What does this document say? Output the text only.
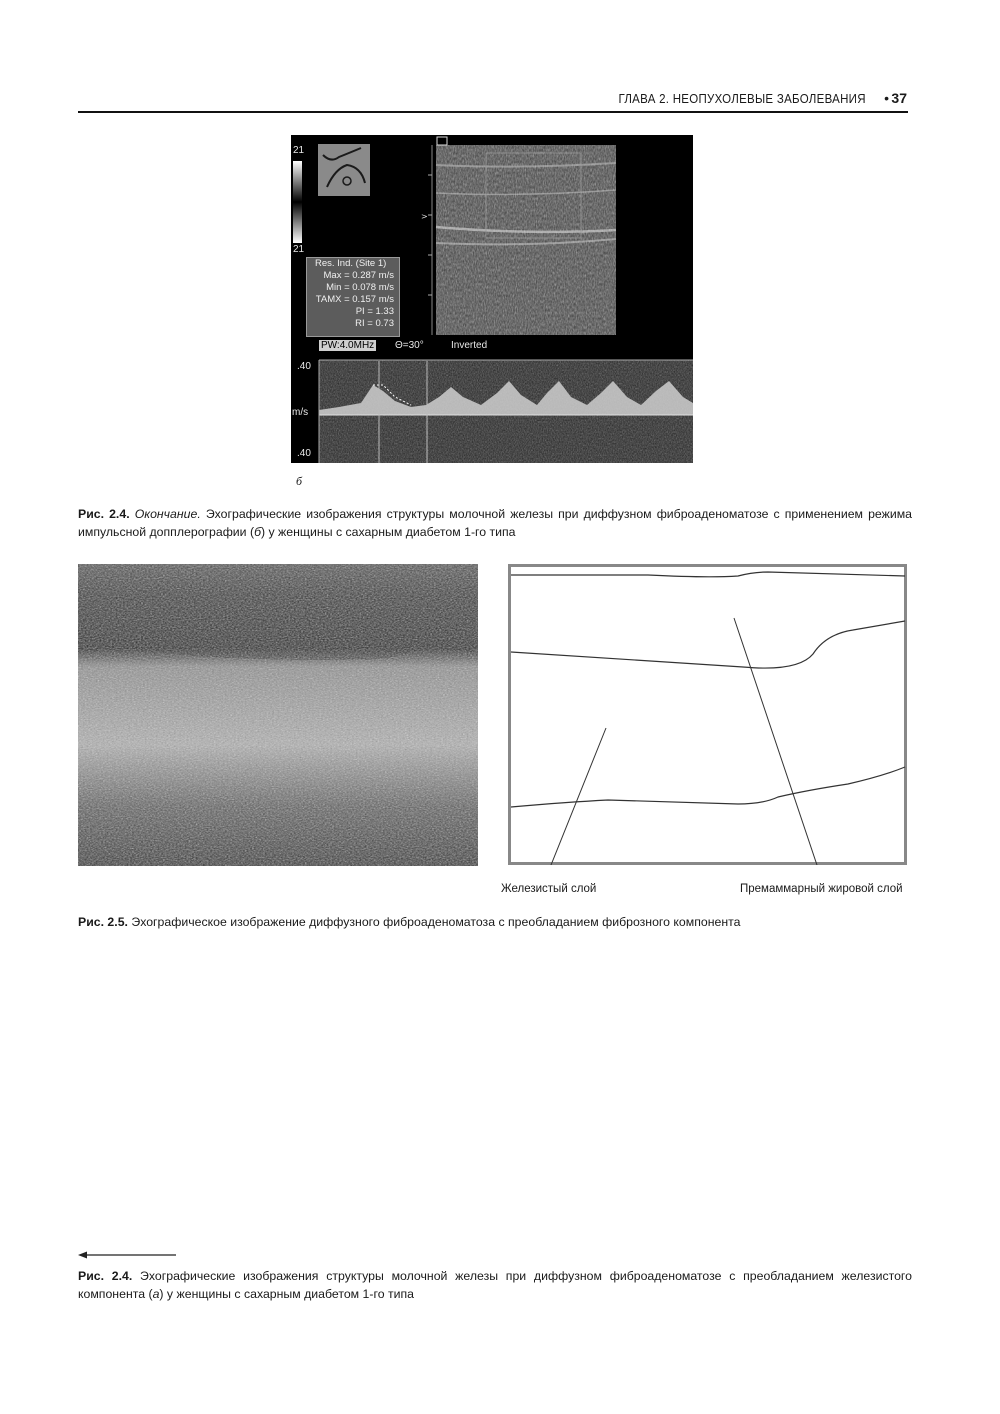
ГЛАВА 2. НЕОПУХОЛЕВЫЕ ЗАБОЛЕВАНИЯ • 37
>
21
21
Res. Ind. (Site 1)
Max = 0.287 m/s
Min = 0.078 m/s
TAMX = 0.157 m/s
PI = 1.33
RI = 0.73
PW:4.0MHz Θ=30°	Inverted
.40
m/s
.40
б
Рис. 2.4. Окончание. Эхографические изображения структуры молочной железы при диффузном фиброаденоматозе с применением режима импульсной допплерографии (б) у женщины с сахарным диабетом 1-го типа
Железистый слой	Премаммарный жировой слой
Рис. 2.5. Эхографическое изображение диффузного фиброаденоматоза с преобладанием фиброзного компонента
Рис. 2.4. Эхографические изображения структуры молочной железы при диффузном фиброаденоматозе с преобладанием железистого компонента (а) у женщины с сахарным диабетом 1-го типа
